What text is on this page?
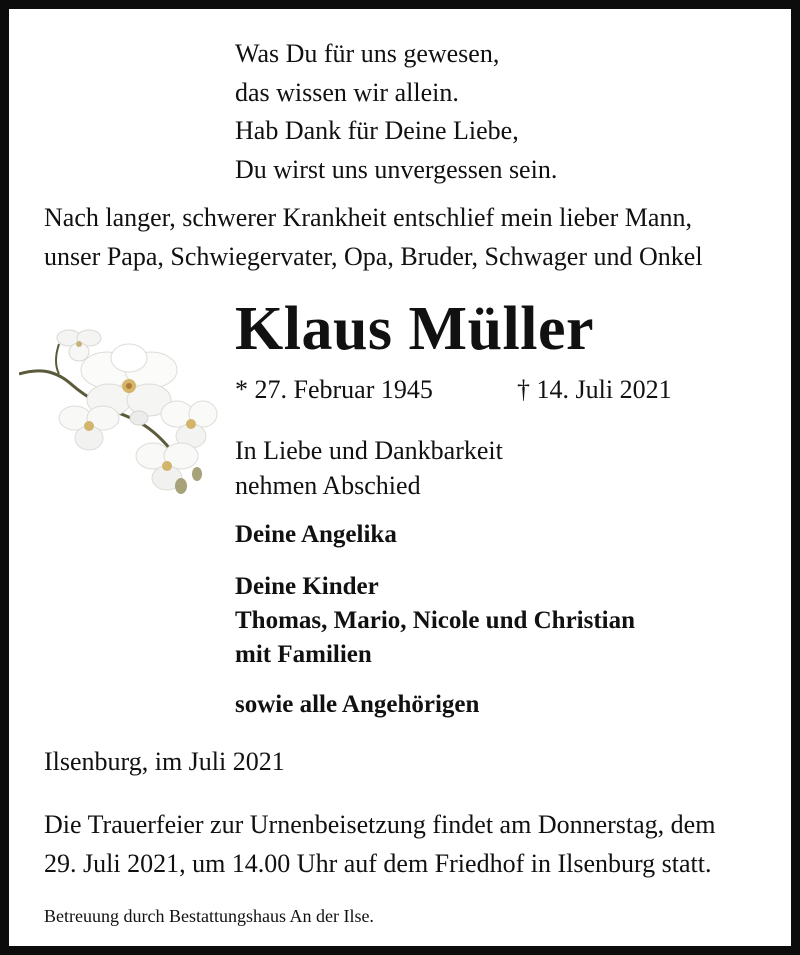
Was Du für uns gewesen,
das wissen wir allein.
Hab Dank für Deine Liebe,
Du wirst uns unvergessen sein.
Nach langer, schwerer Krankheit entschlief mein lieber Mann,
unser Papa, Schwiegervater, Opa, Bruder, Schwager und Onkel
Klaus Müller
* 27. Februar 1945	† 14. Juli 2021
In Liebe und Dankbarkeit
nehmen Abschied
Deine Angelika
Deine Kinder
Thomas, Mario, Nicole und Christian
mit Familien
sowie alle Angehörigen
Ilsenburg, im Juli 2021
Die Trauerfeier zur Urnenbeisetzung findet am Donnerstag, dem
29. Juli 2021, um 14.00 Uhr auf dem Friedhof in Ilsenburg statt.
Betreuung durch Bestattungshaus An der Ilse.
